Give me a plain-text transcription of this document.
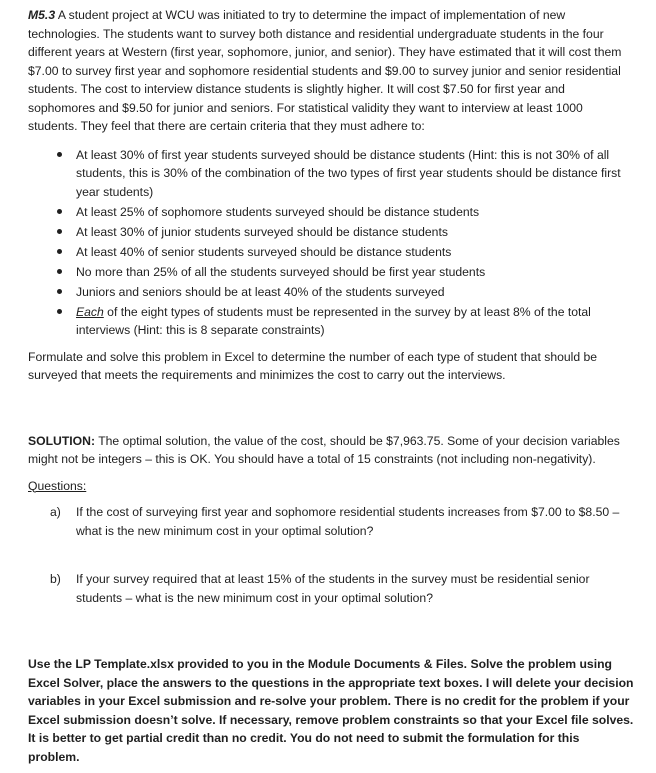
M5.3 A student project at WCU was initiated to try to determine the impact of implementation of new technologies. The students want to survey both distance and residential undergraduate students in the four different years at Western (first year, sophomore, junior, and senior). They have estimated that it will cost them $7.00 to survey first year and sophomore residential students and $9.00 to survey junior and senior residential students. The cost to interview distance students is slightly higher. It will cost $7.50 for first year and sophomores and $9.50 for junior and seniors. For statistical validity they want to interview at least 1000 students. They feel that there are certain criteria that they must adhere to:

At least 30% of first year students surveyed should be distance students (Hint: this is not 30% of all students, this is 30% of the combination of the two types of first year students should be distance first year students)
At least 25% of sophomore students surveyed should be distance students
At least 30% of junior students surveyed should be distance students
At least 40% of senior students surveyed should be distance students
No more than 25% of all the students surveyed should be first year students
Juniors and seniors should be at least 40% of the students surveyed
Each of the eight types of students must be represented in the survey by at least 8% of the total interviews (Hint: this is 8 separate constraints)

Formulate and solve this problem in Excel to determine the number of each type of student that should be surveyed that meets the requirements and minimizes the cost to carry out the interviews.

SOLUTION: The optimal solution, the value of the cost, should be $7,963.75. Some of your decision variables might not be integers – this is OK. You should have a total of 15 constraints (not including non-negativity).

Questions:

a) If the cost of surveying first year and sophomore residential students increases from $7.00 to $8.50 – what is the new minimum cost in your optimal solution?

b) If your survey required that at least 15% of the students in the survey must be residential senior students – what is the new minimum cost in your optimal solution?

Use the LP Template.xlsx provided to you in the Module Documents & Files. Solve the problem using Excel Solver, place the answers to the questions in the appropriate text boxes. I will delete your decision variables in your Excel submission and re-solve your problem. There is no credit for the problem if your Excel submission doesn’t solve. If necessary, remove problem constraints so that your Excel file solves. It is better to get partial credit than no credit. You do not need to submit the formulation for this problem.
